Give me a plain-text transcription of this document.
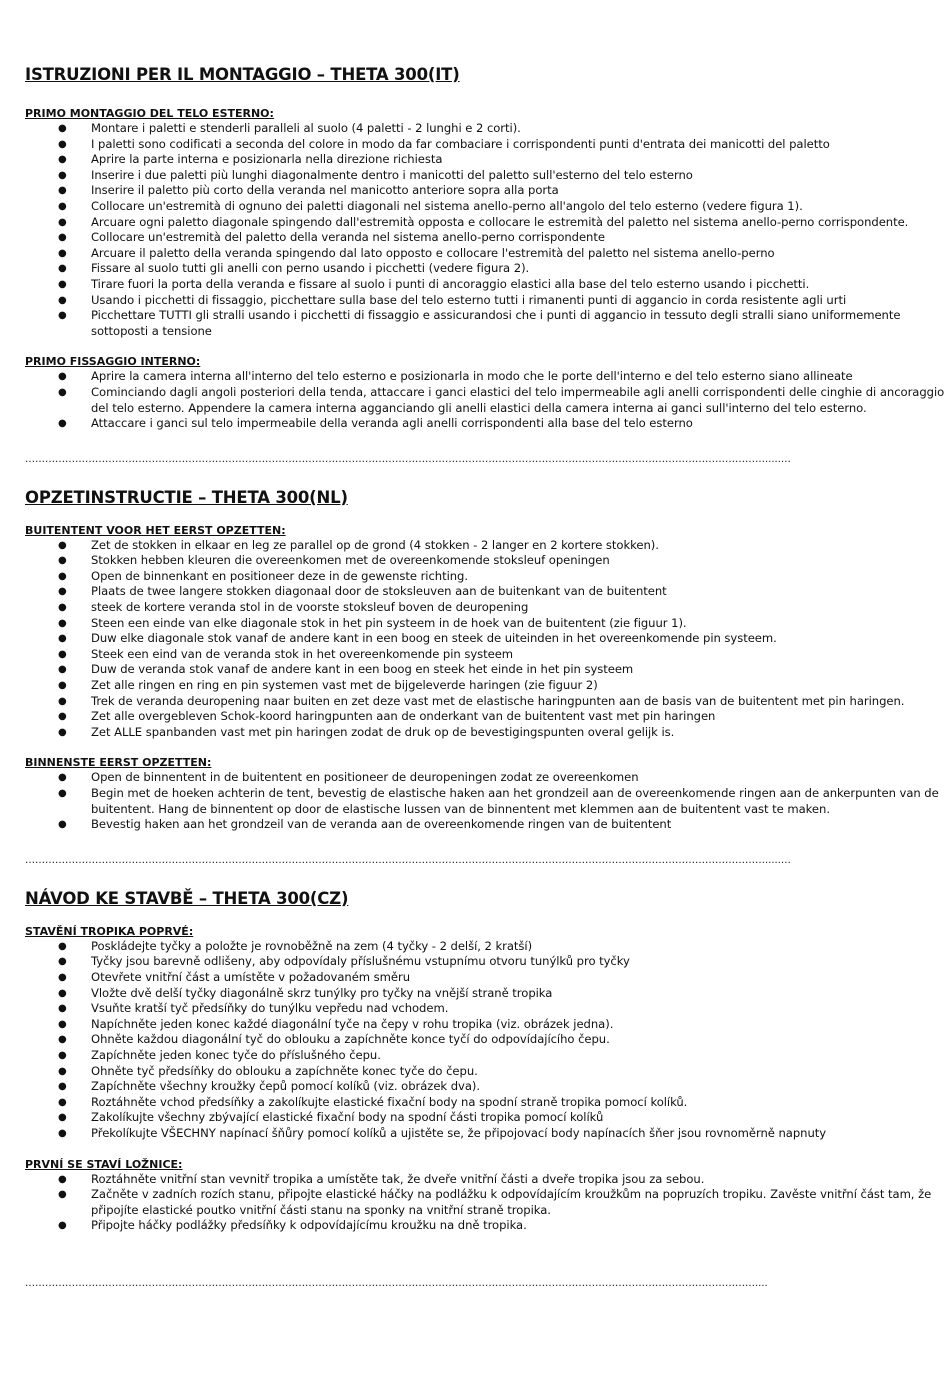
ISTRUZIONI PER IL MONTAGGIO – THETA 300(IT)
PRIMO MONTAGGIO DEL TELO ESTERNO:
● Montare i paletti e stenderli paralleli al suolo (4 paletti - 2 lunghi e 2 corti).
● I paletti sono codificati a seconda del colore in modo da far combaciare i corrispondenti punti d'entrata dei manicotti del paletto
● Aprire la parte interna e posizionarla nella direzione richiesta
● Inserire i due paletti più lunghi diagonalmente dentro i manicotti del paletto sull'esterno del telo esterno
● Inserire il paletto più corto della veranda nel manicotto anteriore sopra alla porta
● Collocare un'estremità di ognuno dei paletti diagonali nel sistema anello-perno all'angolo del telo esterno (vedere figura 1).
● Arcuare ogni paletto diagonale spingendo dall'estremità opposta e collocare le estremità del paletto nel sistema anello-perno corrispondente.
● Collocare un'estremità del paletto della veranda nel sistema anello-perno corrispondente
● Arcuare il paletto della veranda spingendo dal lato opposto e collocare l'estremità del paletto nel sistema anello-perno
● Fissare al suolo tutti gli anelli con perno usando i picchetti (vedere figura 2).
● Tirare fuori la porta della veranda e fissare al suolo i punti di ancoraggio elastici alla base del telo esterno usando i picchetti.
● Usando i picchetti di fissaggio, picchettare sulla base del telo esterno tutti i rimanenti punti di aggancio in corda resistente agli urti
● Picchettare TUTTI gli stralli usando i picchetti di fissaggio e assicurandosi che i punti di aggancio in tessuto degli stralli siano uniformemente sottoposti a tensione
PRIMO FISSAGGIO INTERNO:
● Aprire la camera interna all'interno del telo esterno e posizionarla in modo che le porte dell'interno e del telo esterno siano allineate
● Cominciando dagli angoli posteriori della tenda, attaccare i ganci elastici del telo impermeabile agli anelli corrispondenti delle cinghie di ancoraggio del telo esterno. Appendere la camera interna agganciando gli anelli elastici della camera interna ai ganci sull'interno del telo esterno.
● Attaccare i ganci sul telo impermeabile della veranda agli anelli corrispondenti alla base del telo esterno
…………………………………………………………………………………………………………………………………………………………………………………………………….....…
OPZETINSTRUCTIE – THETA 300(NL)
BUITENTENT VOOR HET EERST OPZETTEN:
● Zet de stokken in elkaar en leg ze parallel op de grond (4 stokken - 2 langer en 2 kortere stokken).
● Stokken hebben kleuren die overeenkomen met de overeenkomende stoksleuf openingen
● Open de binnenkant en positioneer deze in de gewenste richting.
● Plaats de twee langere stokken diagonaal door de stoksleuven aan de buitenkant van de buitentent
● steek de kortere veranda stol in de voorste stoksleuf boven de deuropening
● Steen een einde van elke diagonale stok in het pin systeem in de hoek van de buitentent (zie figuur 1).
● Duw elke diagonale stok vanaf de andere kant in een boog en steek de uiteinden in het overeenkomende pin systeem.
● Steek een eind van de veranda stok in het overeenkomende pin systeem
● Duw de veranda stok vanaf de andere kant in een boog en steek het einde in het pin systeem
● Zet alle ringen en ring en pin systemen vast met de bijgeleverde haringen (zie figuur 2)
● Trek de veranda deuropening naar buiten en zet deze vast met de elastische haringpunten aan de basis van de buitentent met pin haringen.
● Zet alle overgebleven Schok-koord haringpunten aan de onderkant van de buitentent vast met pin haringen
● Zet ALLE spanbanden vast met pin haringen zodat de druk op de bevestigingspunten overal gelijk is.
BINNENSTE EERST OPZETTEN:
● Open de binnentent in de buitentent en positioneer de deuropeningen zodat ze overeenkomen
● Begin met de hoeken achterin de tent, bevestig de elastische haken aan het grondzeil aan de overeenkomende ringen aan de ankerpunten van de buitentent. Hang de binnentent op door de elastische lussen van de binnentent met klemmen aan de buitentent vast te maken.
● Bevestig haken aan het grondzeil van de veranda aan de overeenkomende ringen van de buitentent
…………………………………………………………………………………………………………………………………………………………………………………………………….....…
NÁVOD KE STAVBĚ – THETA 300(CZ)
STAVĚNÍ TROPIKA POPRVÉ:
● Poskládejte tyčky a položte je rovnoběžně na zem (4 tyčky - 2 delší, 2 kratší)
● Tyčky jsou barevně odlišeny, aby odpovídaly příslušnému vstupnímu otvoru tunýlků pro tyčky
● Otevřete vnitřní část a umístěte v požadovaném směru
● Vložte dvě delší tyčky diagonálně skrz tunýlky pro tyčky na vnější straně tropika
● Vsuňte kratší tyč předsíňky do tunýlku vepředu nad vchodem.
● Napíchněte jeden konec každé diagonální tyče na čepy v rohu tropika (viz. obrázek jedna).
● Ohněte každou diagonální tyč do oblouku a zapíchněte konce tyčí do odpovídajícího čepu.
● Zapíchněte jeden konec tyče do příslušného čepu.
● Ohněte tyč předsíňky do oblouku a zapíchněte konec tyče do čepu.
● Zapíchněte všechny kroužky čepů pomocí kolíků (viz. obrázek dva).
● Roztáhněte vchod předsíňky a zakolíkujte elastické fixační body na spodní straně tropika pomocí kolíků.
● Zakolíkujte všechny zbývající elastické fixační body na spodní části tropika pomocí kolíků
● Překolíkujte VŠECHNY napínací šňůry pomocí kolíků a ujistěte se, že připojovací body napínacích šňer jsou rovnoměrně napnuty
PRVNÍ SE STAVÍ LOŽNICE:
● Roztáhněte vnitřní stan vevnitř tropika a umístěte tak, že dveře vnitřní části a dveře tropika jsou za sebou.
● Začněte v zadních rozích stanu, připojte elastické háčky na podlážku k odpovídajícím kroužkům na popruzích tropiku. Zavěste vnitřní část tam, že připojíte elastické poutko vnitřní části stanu na sponky na vnitřní straně tropika.
● Připojte háčky podlážky předsíňky k odpovídajícímu kroužku na dně tropika.
…………………………………………………………………………………………………………………………………………………………………………………………………....
